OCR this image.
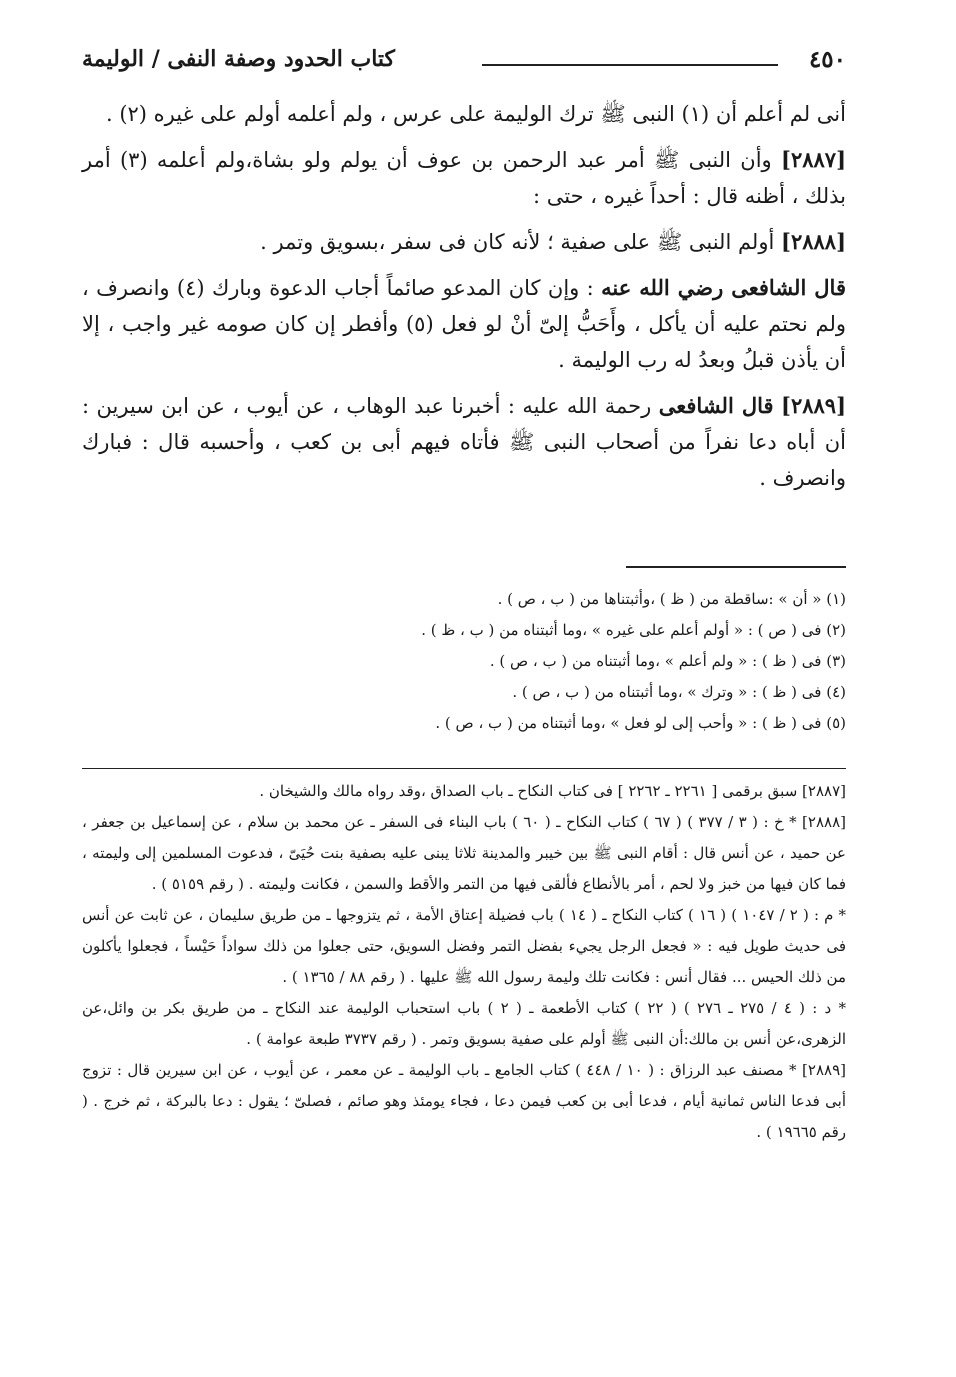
٤٥٠
كتاب الحدود وصفة النفى / الوليمة

أنى لم أعلم أن (١) النبى ﷺ ترك الوليمة على عرس ، ولم أعلمه أولم على غيره (٢) .

[٢٨٨٧] وأن النبى ﷺ أمر عبد الرحمن بن عوف أن يولم ولو بشاة،ولم أعلمه (٣) أمر بذلك ، أظنه قال : أحداً غيره ، حتى :

[٢٨٨٨] أولم النبى ﷺ على صفية ؛ لأنه كان فى سفر ،بسويق وتمر .

قال الشافعى رضي الله عنه : وإن كان المدعو صائماً أجاب الدعوة وبارك (٤) وانصرف ، ولم نحتم عليه أن يأكل ، وأَحَبُّ إلىّ أنْ لو فعل (٥) وأفطر إن كان صومه غير واجب ، إلا أن يأذن قبلُ وبعدُ له رب الوليمة .

[٢٨٨٩] قال الشافعى رحمة الله عليه : أخبرنا عبد الوهاب ، عن أيوب ، عن ابن سيرين : أن أباه دعا نفراً من أصحاب النبى ﷺ فأتاه فيهم أبى بن كعب ، وأحسبه قال : فبارك وانصرف .

(١) « أن » :ساقطة من ( ظ ) ،وأثبتناها من ( ب ، ص ) .
(٢) فى ( ص ) : « أولم أعلم على غيره » ،وما أثبتناه من ( ب ، ظ ) .
(٣) فى ( ظ ) : « ولم أعلم » ،وما أثبتناه من ( ب ، ص ) .
(٤) فى ( ظ ) : « وترك » ،وما أثبتناه من ( ب ، ص ) .
(٥) فى ( ظ ) : « وأحب إلى لو فعل » ،وما أثبتناه من ( ب ، ص ) .

[٢٨٨٧] سبق برقمى [ ٢٢٦١ ـ ٢٢٦٢ ] فى كتاب النكاح ـ باب الصداق ،وقد رواه مالك والشيخان .

[٢٨٨٨] * خ : ( ٣ / ٣٧٧ ) ( ٦٧ ) كتاب النكاح ـ ( ٦٠ ) باب البناء فى السفر ـ عن محمد بن سلام ، عن إسماعيل بن جعفر ، عن حميد ، عن أنس قال : أقام النبى ﷺ بين خيبر والمدينة ثلاثا يبنى عليه بصفية بنت حُيَىّ ، فدعوت المسلمين إلى وليمته ، فما كان فيها من خبز ولا لحم ، أمر بالأنطاع فألقى فيها من التمر والأقط والسمن ، فكانت وليمته . ( رقم ٥١٥٩ ) .

* م : ( ٢ / ١٠٤٧ ) ( ١٦ ) كتاب النكاح ـ ( ١٤ ) باب فضيلة إعتاق الأمة ، ثم يتزوجها ـ من طريق سليمان ، عن ثابت عن أنس فى حديث طويل فيه : « فجعل الرجل يجيء بفضل التمر وفضل السويق، حتى جعلوا من ذلك سواداً حَيْساً ، فجعلوا يأكلون من ذلك الحيس ... فقال أنس : فكانت تلك وليمة رسول الله ﷺ عليها . ( رقم ٨٨ / ١٣٦٥ ) .

* د : ( ٤ / ٢٧٥ ـ ٢٧٦ ) ( ٢٢ ) كتاب الأطعمة ـ ( ٢ ) باب استحباب الوليمة عند النكاح ـ من طريق بكر بن وائل،عن الزهرى،عن أنس بن مالك:أن النبى ﷺ أولم على صفية بسويق وتمر . ( رقم ٣٧٣٧ طبعة عوامة ) .

[٢٨٨٩] * مصنف عبد الرزاق : ( ١٠ / ٤٤٨ ) كتاب الجامع ـ باب الوليمة ـ عن معمر ، عن أيوب ، عن ابن سيرين قال : تزوج أبى فدعا الناس ثمانية أيام ، فدعا أبى بن كعب فيمن دعا ، فجاء يومئذ وهو صائم ، فصلىّ ؛ يقول : دعا بالبركة ، ثم خرج . ( رقم ١٩٦٦٥ ) .
